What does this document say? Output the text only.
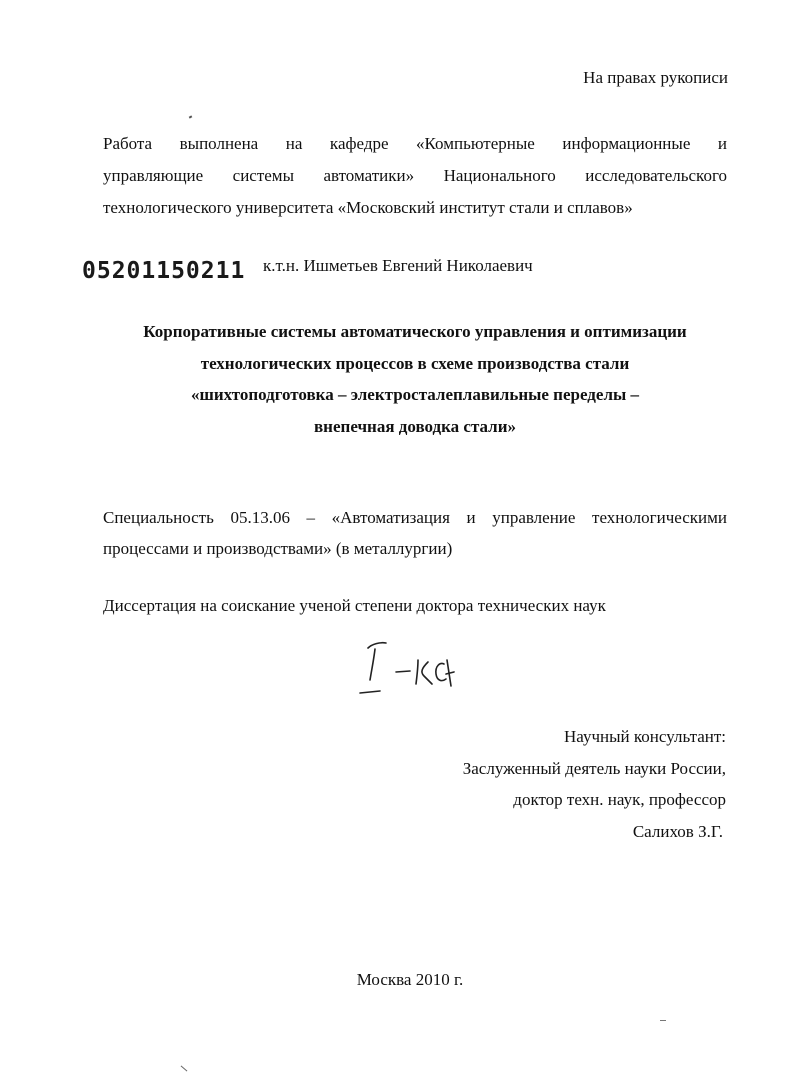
На правах рукописи
Работа выполнена на кафедре «Компьютерные информационные и
управляющие системы автоматики» Национального исследовательского
технологического университета «Московский институт стали и сплавов»
05201150211 к.т.н. Ишметьев Евгений Николаевич
Корпоративные системы автоматического управления и оптимизации
технологических процессов в схеме производства стали
«шихтоподготовка – электросталеплавильные переделы –
внепечная доводка стали»
Специальность 05.13.06 – «Автоматизация и управление технологическими
процессами и производствами» (в металлургии)
Диссертация на соискание ученой степени доктора технических наук
Научный консультант:
Заслуженный деятель науки России,
доктор техн. наук, профессор
Салихов З.Г.
Москва 2010 г.
